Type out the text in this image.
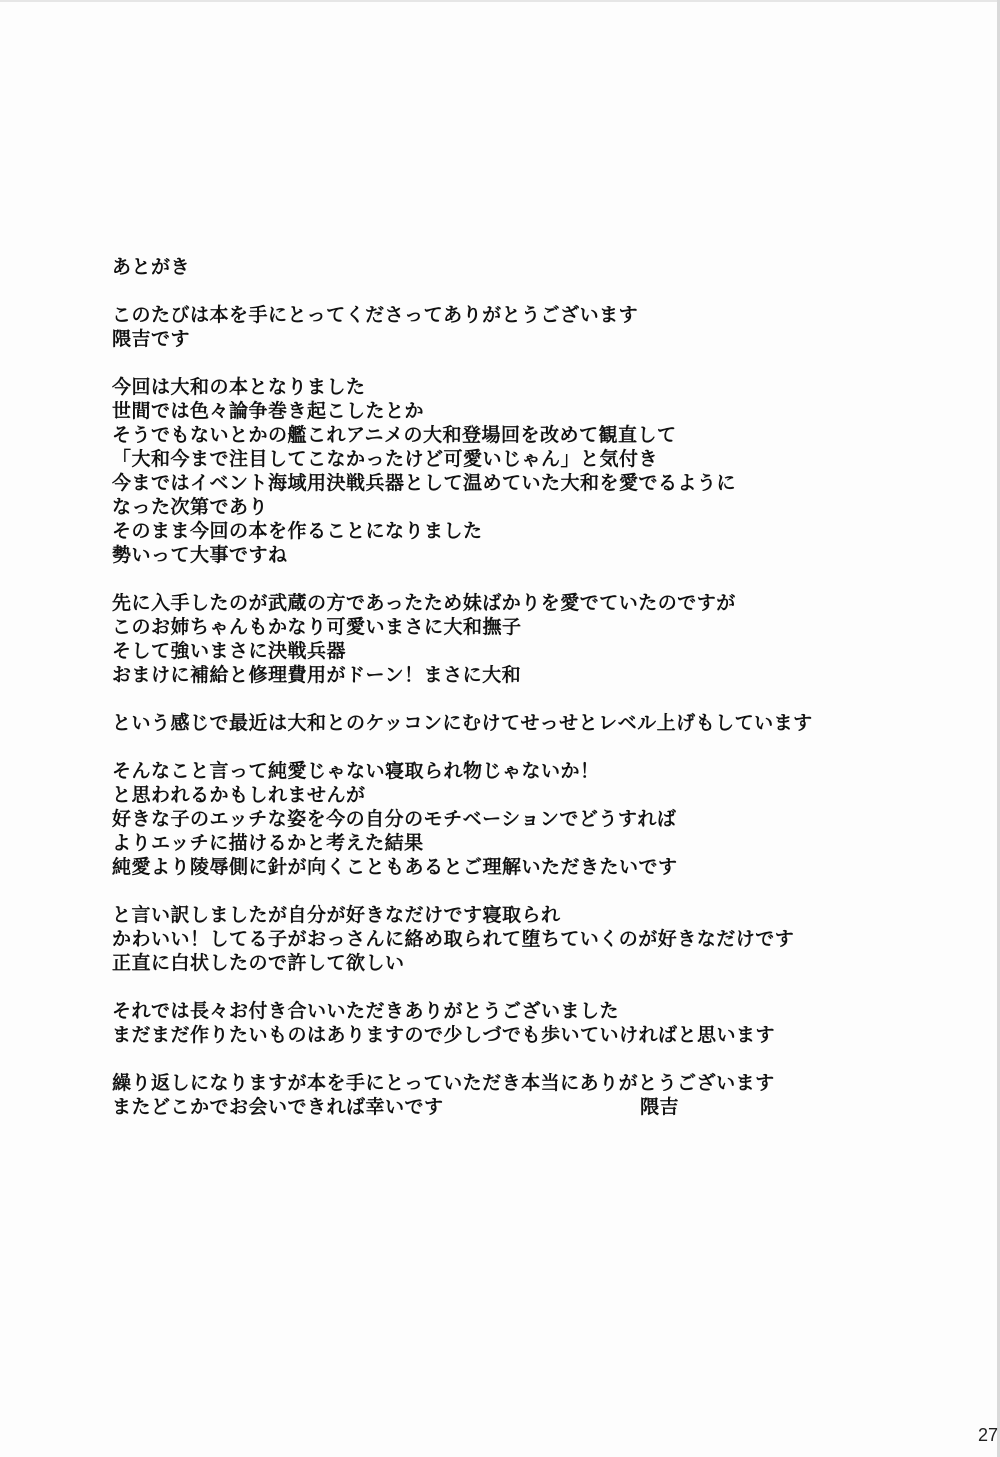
あとがき
このたびは本を手にとってくださってありがとうございます
隈吉です
今回は大和の本となりました
世間では色々論争巻き起こしたとか
そうでもないとかの艦これアニメの大和登場回を改めて観直して
「大和今まで注目してこなかったけど可愛いじゃん」と気付き
今まではイベント海域用決戦兵器として温めていた大和を愛でるように
なった次第であり
そのまま今回の本を作ることになりました
勢いって大事ですね
先に入手したのが武蔵の方であったため妹ばかりを愛でていたのですが
このお姉ちゃんもかなり可愛いまさに大和撫子
そして強いまさに決戦兵器
おまけに補給と修理費用がドーン！まさに大和
という感じで最近は大和とのケッコンにむけてせっせとレベル上げもしています
そんなこと言って純愛じゃない寝取られ物じゃないか！
と思われるかもしれませんが
好きな子のエッチな姿を今の自分のモチベーションでどうすれば
よりエッチに描けるかと考えた結果
純愛より陵辱側に針が向くこともあるとご理解いただきたいです
と言い訳しましたが自分が好きなだけです寝取られ
かわいい！してる子がおっさんに絡め取られて堕ちていくのが好きなだけです
正直に白状したので許して欲しい
それでは長々お付き合いいただきありがとうございました
まだまだ作りたいものはありますので少しづでも歩いていければと思います
繰り返しになりますが本を手にとっていただき本当にありがとうございます
またどこかでお会いできれば幸いです	隈吉
27
